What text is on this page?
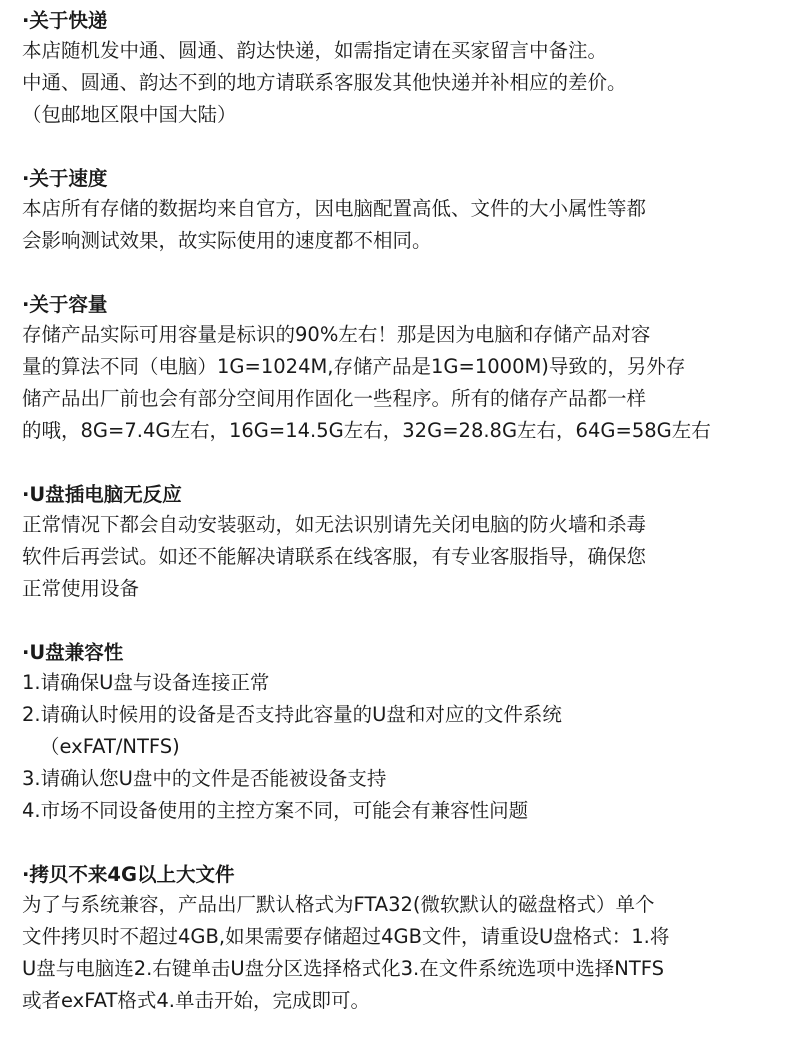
·关于快递
本店随机发中通、圆通、韵达快递，如需指定请在买家留言中备注。
中通、圆通、韵达不到的地方请联系客服发其他快递并补相应的差价。
（包邮地区限中国大陆）
·关于速度
本店所有存储的数据均来自官方，因电脑配置高低、文件的大小属性等都
会影响测试效果，故实际使用的速度都不相同。
·关于容量
存储产品实际可用容量是标识的90%左右！那是因为电脑和存储产品对容
量的算法不同（电脑）1G=1024M,存储产品是1G=1000M)导致的，另外存
储产品出厂前也会有部分空间用作固化一些程序。所有的储存产品都一样
的哦，8G=7.4G左右，16G=14.5G左右，32G=28.8G左右，64G=58G左右
·U盘插电脑无反应
正常情况下都会自动安装驱动，如无法识别请先关闭电脑的防火墙和杀毒
软件后再尝试。如还不能解决请联系在线客服，有专业客服指导，确保您
正常使用设备
·U盘兼容性
1.请确保U盘与设备连接正常
2.请确认时候用的设备是否支持此容量的U盘和对应的文件系统
（exFAT/NTFS)
3.请确认您U盘中的文件是否能被设备支持
4.市场不同设备使用的主控方案不同，可能会有兼容性问题
·拷贝不来4G以上大文件
为了与系统兼容，产品出厂默认格式为FTA32(微软默认的磁盘格式）单个
文件拷贝时不超过4GB,如果需要存储超过4GB文件，请重设U盘格式：1.将
U盘与电脑连2.右键单击U盘分区选择格式化3.在文件系统选项中选择NTFS
或者exFAT格式4.单击开始，完成即可。
